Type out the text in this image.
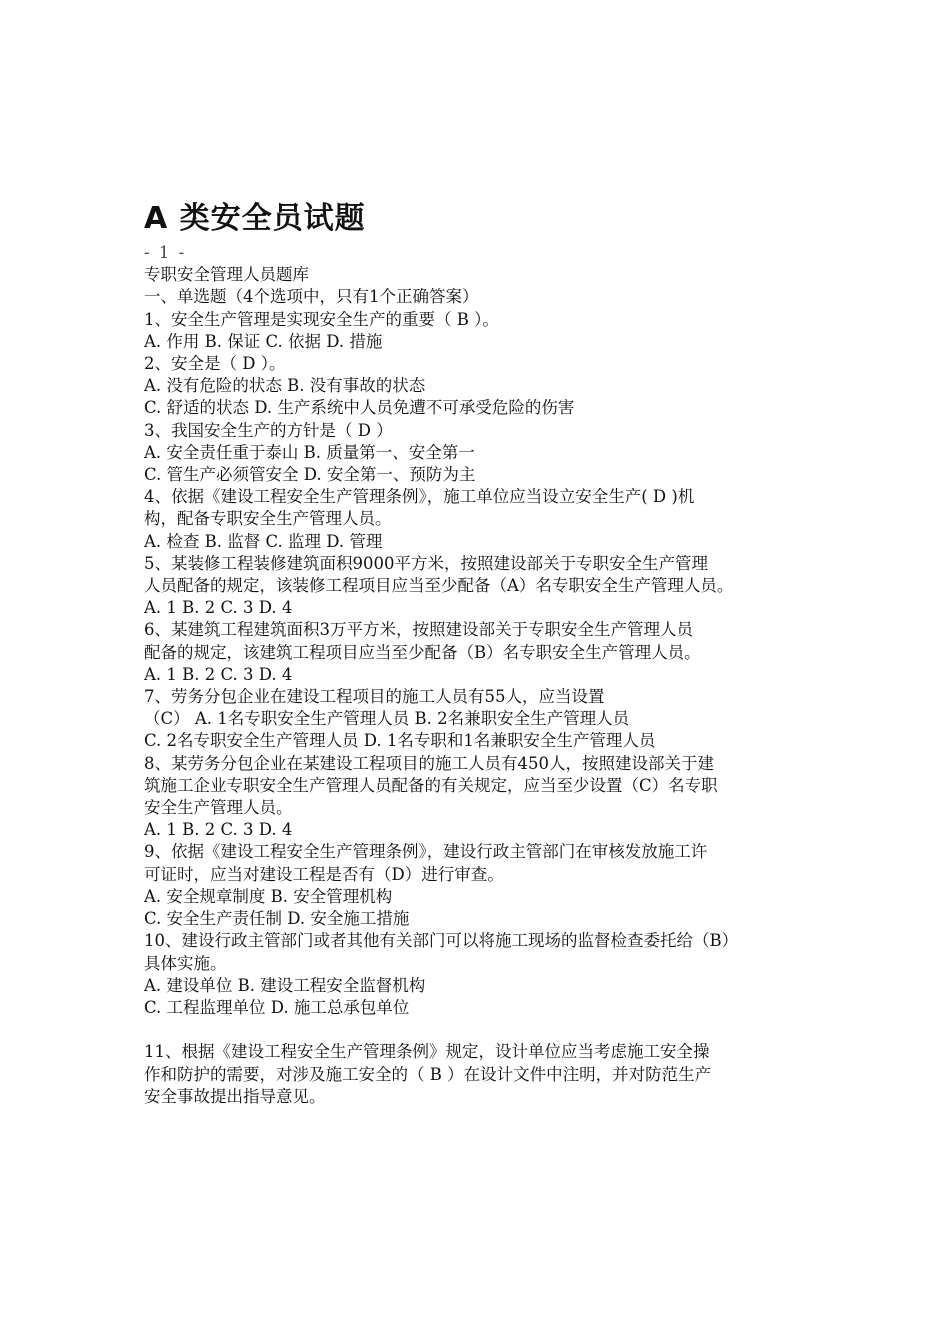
A 类安全员试题
- 1 -
专职安全管理人员题库
一、单选题（4个选项中，只有1个正确答案）
1、安全生产管理是实现安全生产的重要（ B ）。
A. 作用 B. 保证 C. 依据 D. 措施
2、安全是（ D ）。
A. 没有危险的状态 B. 没有事故的状态
C. 舒适的状态 D. 生产系统中人员免遭不可承受危险的伤害
3、我国安全生产的方针是（ D ）
A. 安全责任重于泰山 B. 质量第一、安全第一
C. 管生产必须管安全 D. 安全第一、预防为主
4、依据《建设工程安全生产管理条例》，施工单位应当设立安全生产( D )机
构，配备专职安全生产管理人员。
A. 检查 B. 监督 C. 监理 D. 管理
5、某装修工程装修建筑面积9000平方米，按照建设部关于专职安全生产管理
人员配备的规定，该装修工程项目应当至少配备（A）名专职安全生产管理人员。
A. 1 B. 2 C. 3 D. 4
6、某建筑工程建筑面积3万平方米，按照建设部关于专职安全生产管理人员
配备的规定，该建筑工程项目应当至少配备（B）名专职安全生产管理人员。
A. 1 B. 2 C. 3 D. 4
7、劳务分包企业在建设工程项目的施工人员有55人，应当设置
（C） A. 1名专职安全生产管理人员 B. 2名兼职安全生产管理人员
C. 2名专职安全生产管理人员 D. 1名专职和1名兼职安全生产管理人员
8、某劳务分包企业在某建设工程项目的施工人员有450人，按照建设部关于建
筑施工企业专职安全生产管理人员配备的有关规定，应当至少设置（C）名专职
安全生产管理人员。
A. 1 B. 2 C. 3 D. 4
9、依据《建设工程安全生产管理条例》，建设行政主管部门在审核发放施工许
可证时，应当对建设工程是否有（D）进行审查。
A. 安全规章制度 B. 安全管理机构
C. 安全生产责任制 D. 安全施工措施
10、建设行政主管部门或者其他有关部门可以将施工现场的监督检查委托给（B）
具体实施。
A. 建设单位 B. 建设工程安全监督机构
C. 工程监理单位 D. 施工总承包单位
11、根据《建设工程安全生产管理条例》规定，设计单位应当考虑施工安全操
作和防护的需要，对涉及施工安全的（ B ）在设计文件中注明，并对防范生产
安全事故提出指导意见。
